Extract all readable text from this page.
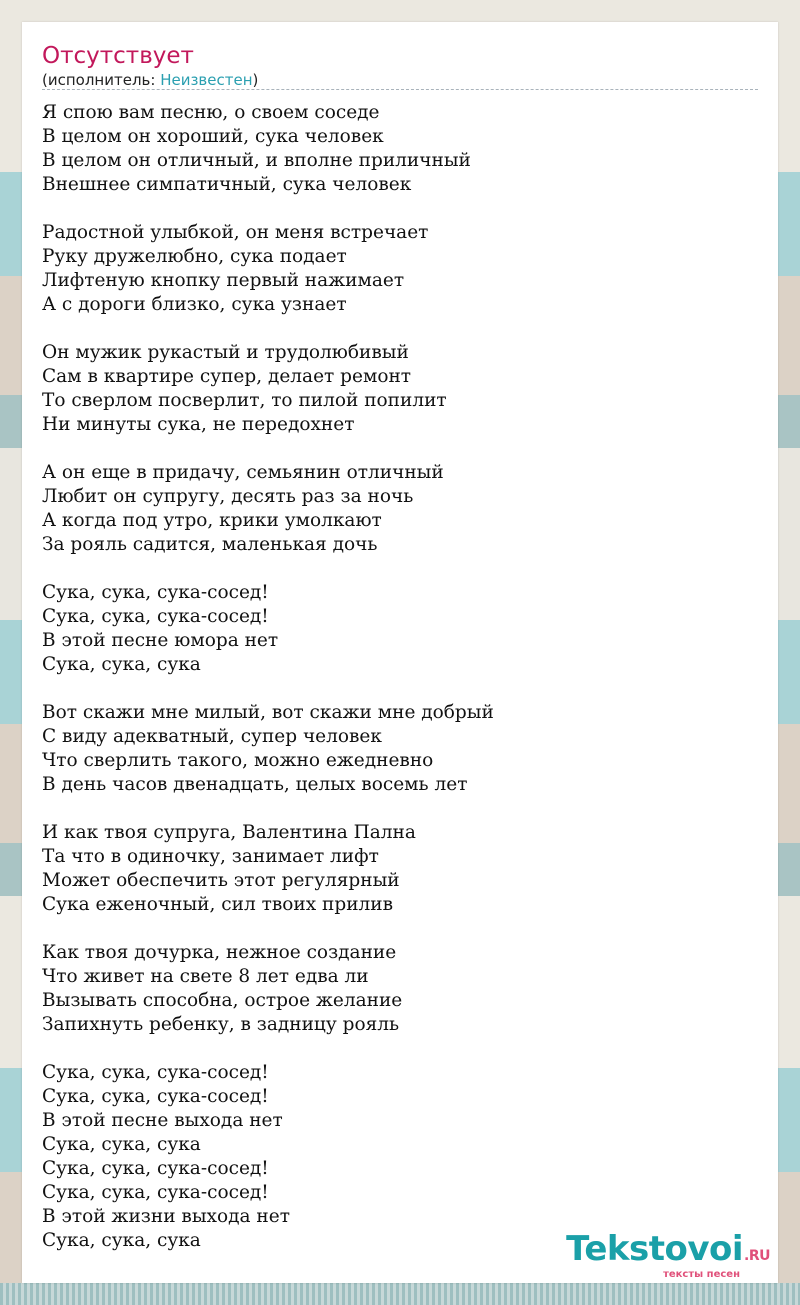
Отсутствует
(исполнитель: Неизвестен)
Я спою вам песню, о своем соседе
В целом он хороший, сука человек
В целом он отличный, и вполне приличный
Внешнее симпатичный, сука человек

Радостной улыбкой, он меня встречает
Руку дружелюбно, сука подает
Лифтеную кнопку первый нажимает
А с дороги близко, сука узнает

Он мужик рукастый и трудолюбивый
Сам в квартире супер, делает ремонт
То сверлом посверлит, то пилой попилит
Ни минуты сука, не передохнет

А он еще в придачу, семьянин отличный
Любит он супругу, десять раз за ночь
А когда под утро, крики умолкают
За рояль садится, маленькая дочь

Сука, сука, сука-сосед!
Сука, сука, сука-сосед!
В этой песне юмора нет
Сука, сука, сука

Вот скажи мне милый, вот скажи мне добрый
С виду адекватный, супер человек
Что сверлить такого, можно ежедневно
В день часов двенадцать, целых восемь лет

И как твоя супруга, Валентина Пална
Та что в одиночку, занимает лифт
Может обеспечить этот регулярный
Сука еженочный, сил твоих прилив

Как твоя дочурка, нежное создание
Что живет на свете 8 лет едва ли
Вызывать способна, острое желание
Запихнуть ребенку, в задницу рояль

Сука, сука, сука-сосед!
Сука, сука, сука-сосед!
В этой песне выхода нет
Сука, сука, сука
Сука, сука, сука-сосед!
Сука, сука, сука-сосед!
В этой жизни выхода нет
Сука, сука, сука	Tekstovoi.RU
тексты песен
